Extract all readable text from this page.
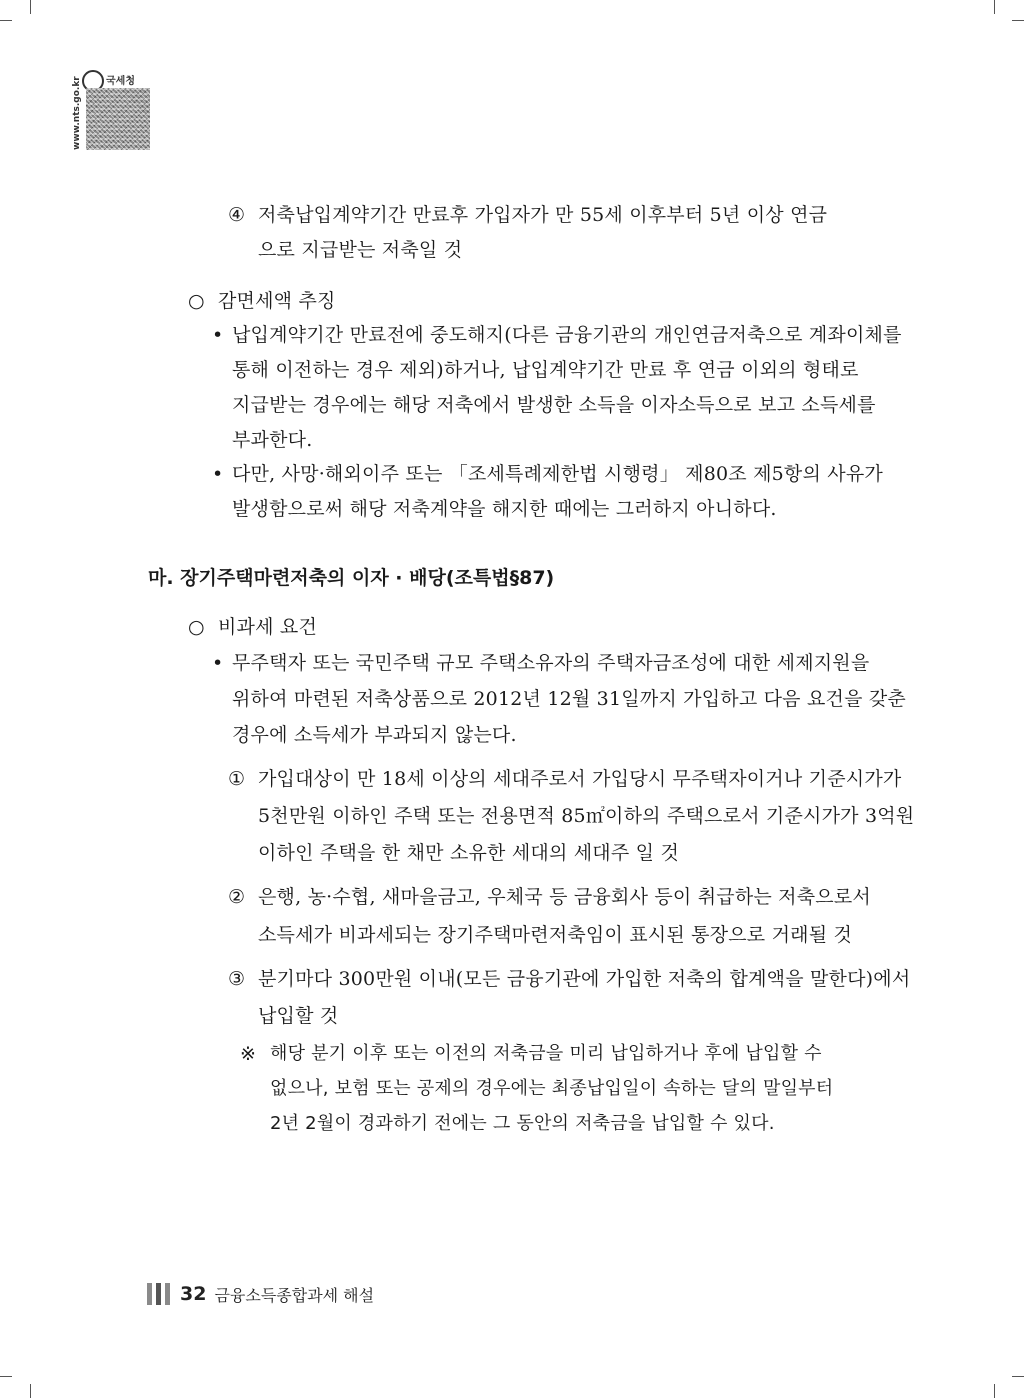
국세청
www.nts.go.kr
④ 저축납입계약기간 만료후 가입자가 만 55세 이후부터 5년 이상 연금
으로 지급받는 저축일 것
○ 감면세액 추징
• 납입계약기간 만료전에 중도해지(다른 금융기관의 개인연금저축으로 계좌이체를
통해 이전하는 경우 제외)하거나, 납입계약기간 만료 후 연금 이외의 형태로
지급받는 경우에는 해당 저축에서 발생한 소득을 이자소득으로 보고 소득세를
부과한다.
• 다만, 사망·해외이주 또는 「조세특례제한법 시행령」 제80조 제5항의 사유가
발생함으로써 해당 저축계약을 해지한 때에는 그러하지 아니하다.
마. 장기주택마련저축의 이자 · 배당(조특법§87)
○ 비과세 요건
• 무주택자 또는 국민주택 규모 주택소유자의 주택자금조성에 대한 세제지원을
위하여 마련된 저축상품으로 2012년 12월 31일까지 가입하고 다음 요건을 갖춘
경우에 소득세가 부과되지 않는다.
① 가입대상이 만 18세 이상의 세대주로서 가입당시 무주택자이거나 기준시가가
5천만원 이하인 주택 또는 전용면적 85㎡이하의 주택으로서 기준시가가 3억원
이하인 주택을 한 채만 소유한 세대의 세대주 일 것
② 은행, 농·수협, 새마을금고, 우체국 등 금융회사 등이 취급하는 저축으로서
소득세가 비과세되는 장기주택마련저축임이 표시된 통장으로 거래될 것
③ 분기마다 300만원 이내(모든 금융기관에 가입한 저축의 합계액을 말한다)에서
납입할 것
※ 해당 분기 이후 또는 이전의 저축금을 미리 납입하거나 후에 납입할 수
없으나, 보험 또는 공제의 경우에는 최종납입일이 속하는 달의 말일부터
2년 2월이 경과하기 전에는 그 동안의 저축금을 납입할 수 있다.
32 금융소득종합과세 해설
